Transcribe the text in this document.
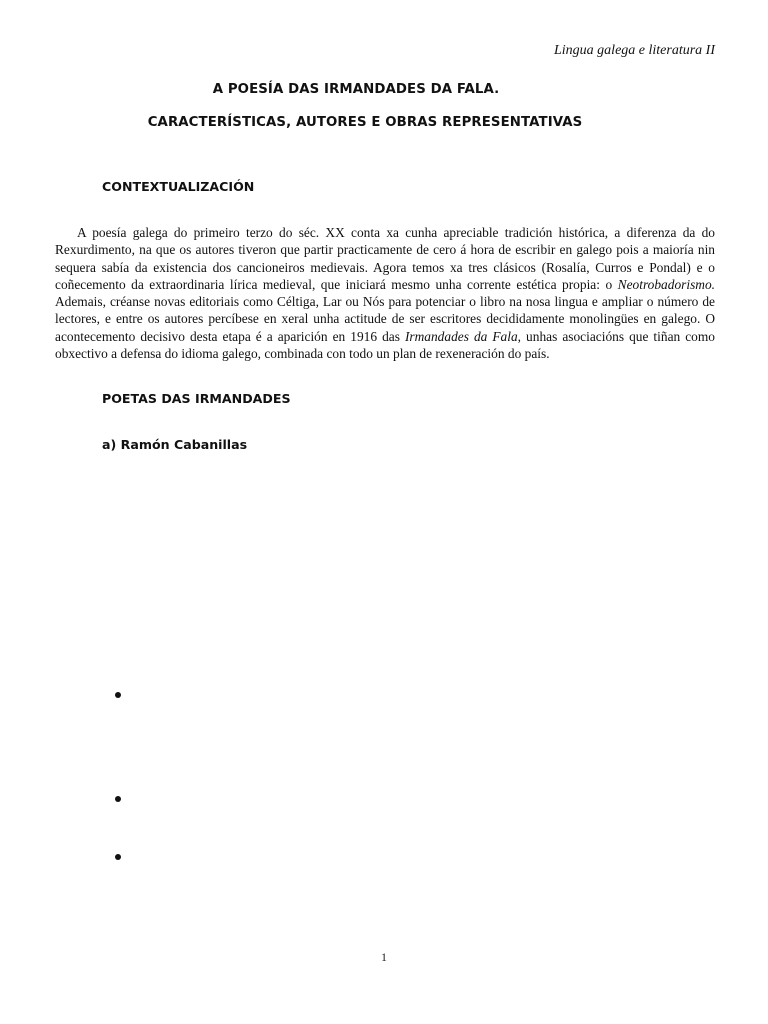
Lingua galega e literatura II
A POESÍA DAS IRMANDADES DA FALA.
CARACTERÍSTICAS, AUTORES E OBRAS REPRESENTATIVAS
CONTEXTUALIZACIÓN

A poesía galega do primeiro terzo do séc. XX conta xa cunha apreciable tradición histórica, a diferenza da do Rexurdimento, na que os autores tiveron que partir practicamente de cero á hora de escribir en galego pois a maioría nin sequera sabía da existencia dos cancioneiros medievais. Agora temos xa tres clásicos (Rosalía, Curros e Pondal) e o coñecemento da extraordinaria lírica medieval, que iniciará mesmo unha corrente estética propia: o Neotrobadorismo. Ademais, créanse novas editoriais como Céltiga, Lar ou Nós para potenciar o libro na nosa lingua e ampliar o número de lectores, e entre os autores percíbese en xeral unha actitude de ser escritores decididamente monolingües en galego. O acontecemento decisivo desta etapa é a aparición en 1916 das Irmandades da Fala, unhas asociacións que tiñan como obxectivo a defensa do idioma galego, combinada con todo un plan de rexeneración do país.

POETAS DAS IRMANDADES
a) Ramón Cabanillas
1
